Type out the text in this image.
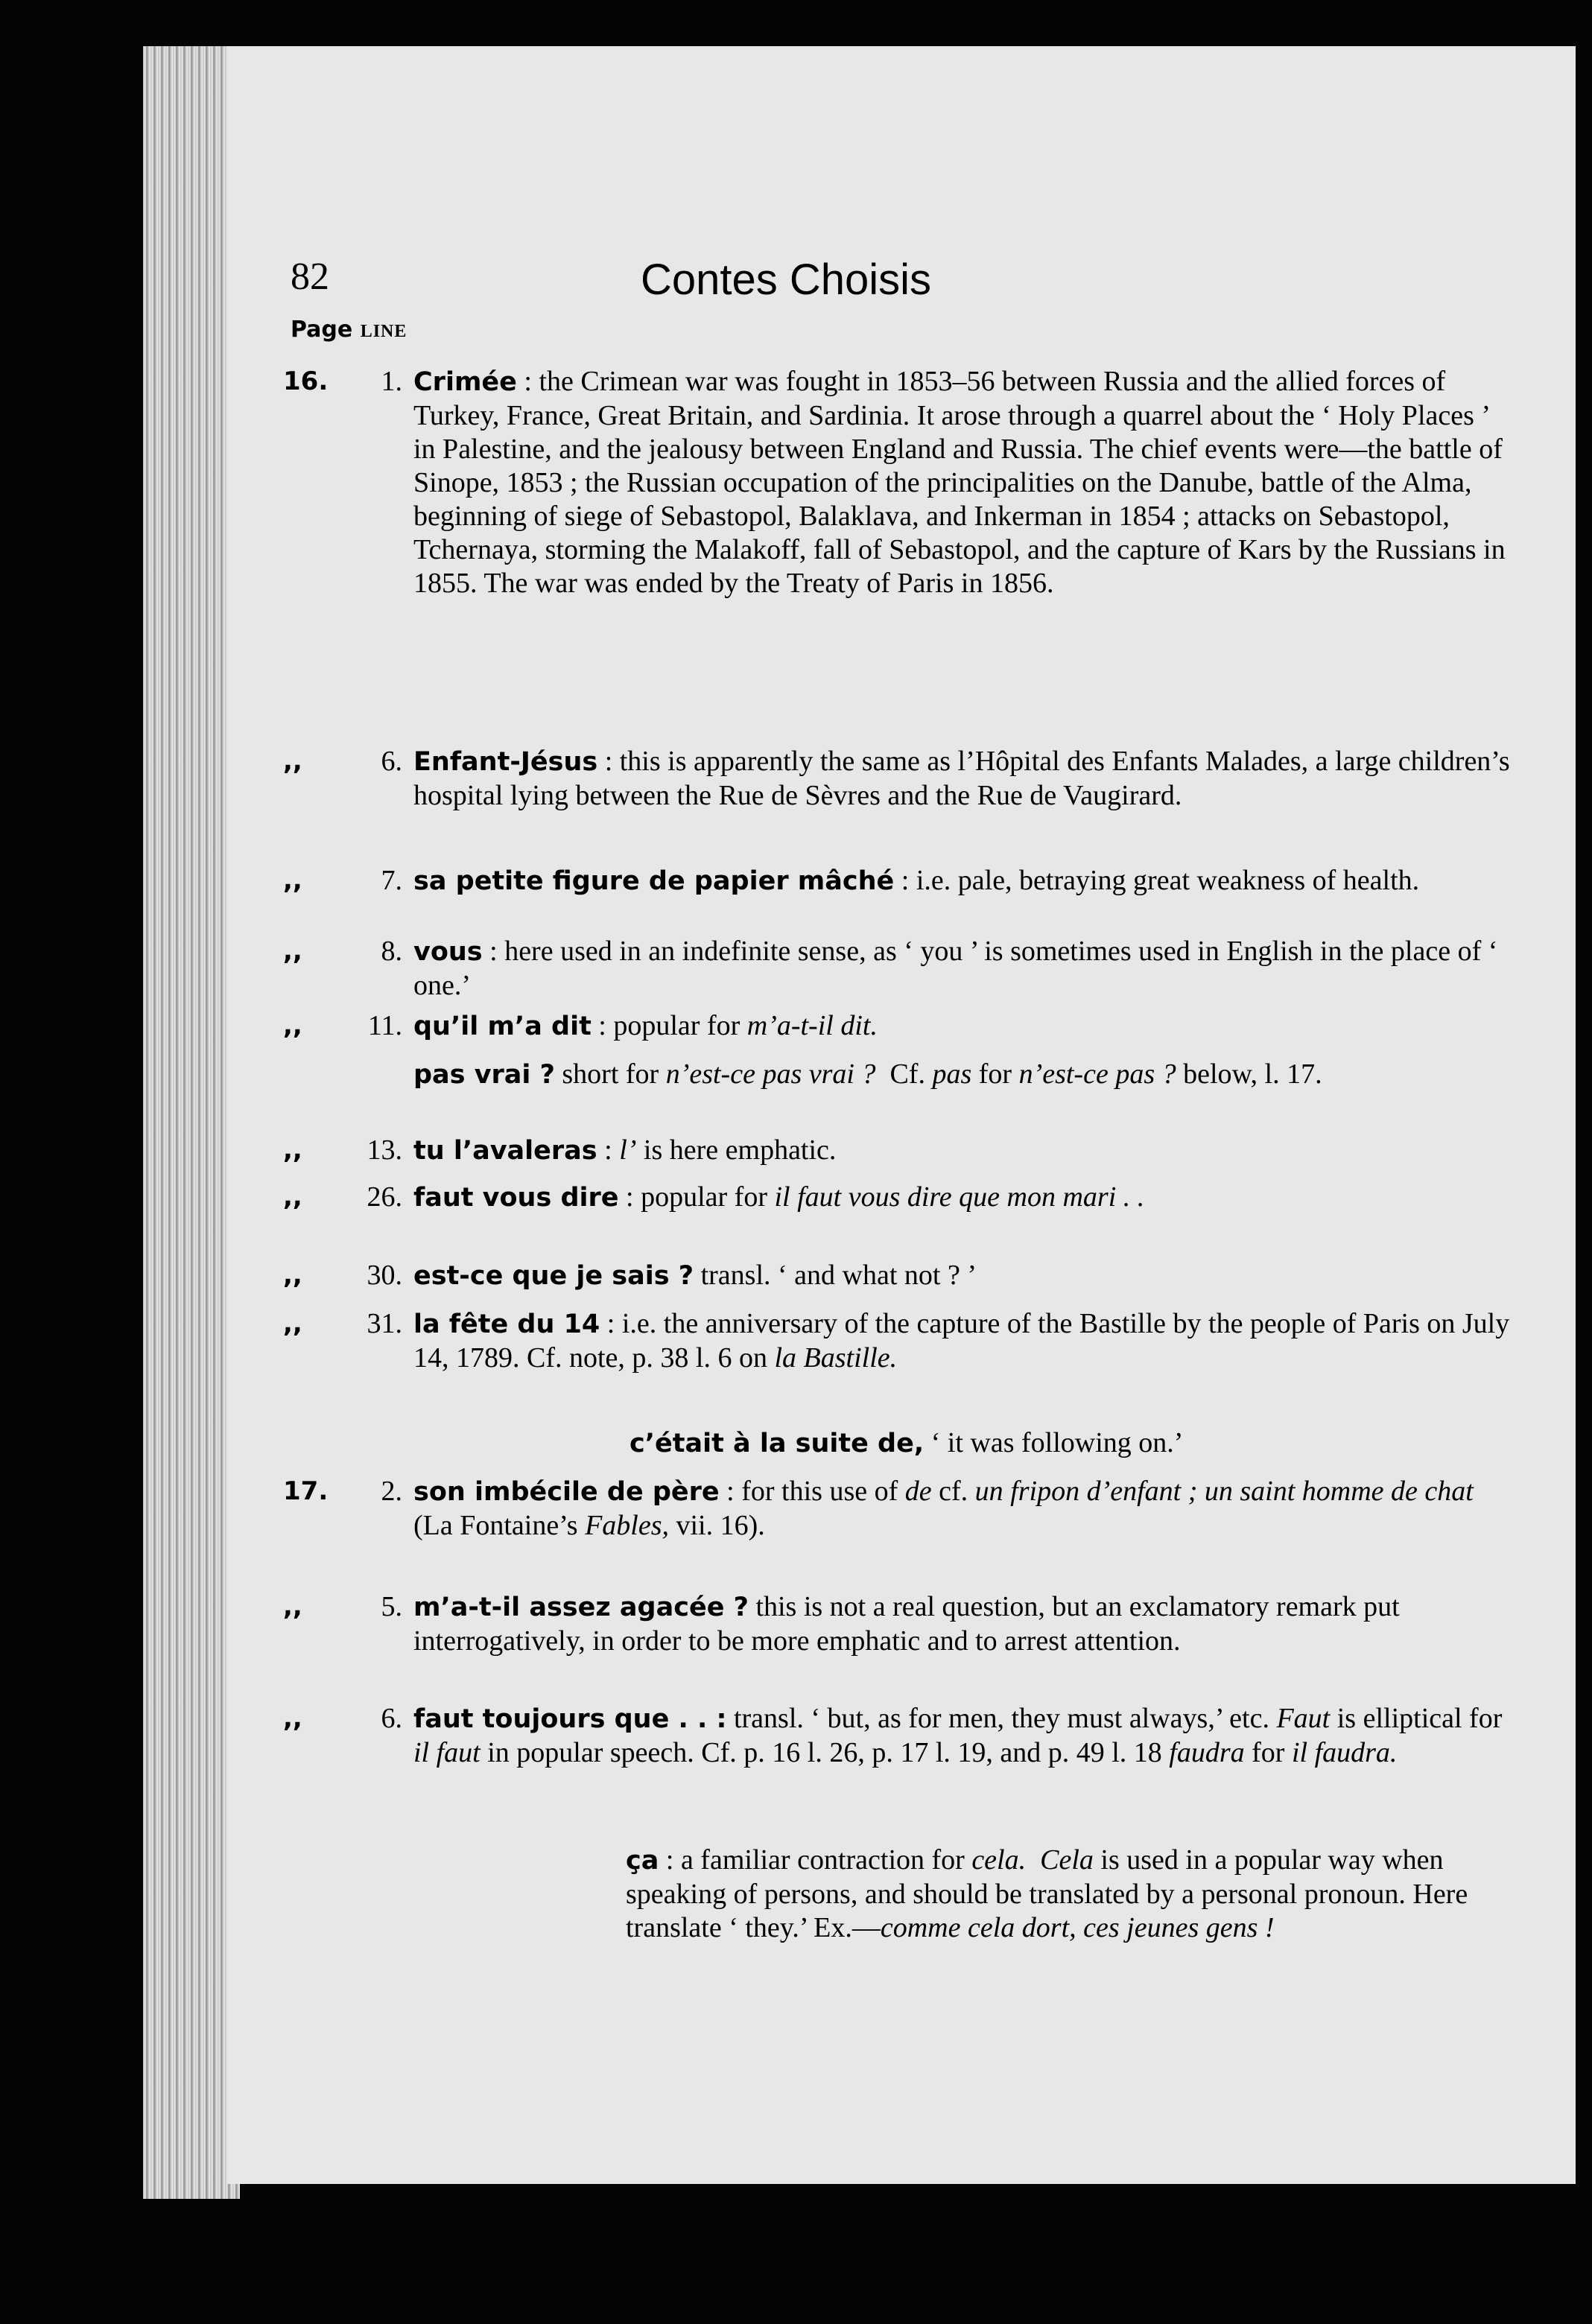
82	Contes Choisis
Page LINE
16.	1. Crimée : the Crimean war was fought in 1853–56 between Russia and the allied forces of Turkey, France, Great Britain, and Sardinia. It arose through a quarrel about the ‘ Holy Places ’ in Palestine, and the jealousy between England and Russia. The chief events were—the battle of Sinope, 1853 ; the Russian occupation of the principalities on the Danube, battle of the Alma, beginning of siege of Sebastopol, Balaklava, and Inkerman in 1854 ; attacks on Sebastopol, Tchernaya, storming the Malakoff, fall of Sebastopol, and the capture of Kars by the Russians in 1855. The war was ended by the Treaty of Paris in 1856.
,,	6. Enfant-Jésus : this is apparently the same as l’Hôpital des Enfants Malades, a large children’s hospital lying between the Rue de Sèvres and the Rue de Vaugirard.
,,	7. sa petite figure de papier mâché : i.e. pale, betraying great weakness of health.
,,	8. vous : here used in an indefinite sense, as ‘ you ’ is sometimes used in English in the place of ‘ one.’
,,	11. qu’il m’a dit : popular for m’a-t-il dit.
pas vrai ? short for n’est-ce pas vrai ? Cf. pas for n’est-ce pas ? below, l. 17.
,,	13. tu l’avaleras : l’ is here emphatic.
,,	26. faut vous dire : popular for il faut vous dire que mon mari . .
,,	30. est-ce que je sais ? transl. ‘ and what not ? ’
,,	31. la fête du 14 : i.e. the anniversary of the capture of the Bastille by the people of Paris on July 14, 1789. Cf. note, p. 38 l. 6 on la Bastille.
c’était à la suite de, ‘ it was following on.’
17.	2. son imbécile de père : for this use of de cf. un fripon d’enfant ; un saint homme de chat (La Fontaine’s Fables, vii. 16).
,,	5. m’a-t-il assez agacée ? this is not a real question, but an exclamatory remark put interrogatively, in order to be more emphatic and to arrest attention.
,,	6. faut toujours que . . : transl. ‘ but, as for men, they must always,’ etc. Faut is elliptical for il faut in popular speech. Cf. p. 16 l. 26, p. 17 l. 19, and p. 49 l. 18 faudra for il faudra.
ça : a familiar contraction for cela. Cela is used in a popular way when speaking of persons, and should be translated by a personal pronoun. Here translate ‘ they.’ Ex.—comme cela dort, ces jeunes gens !
